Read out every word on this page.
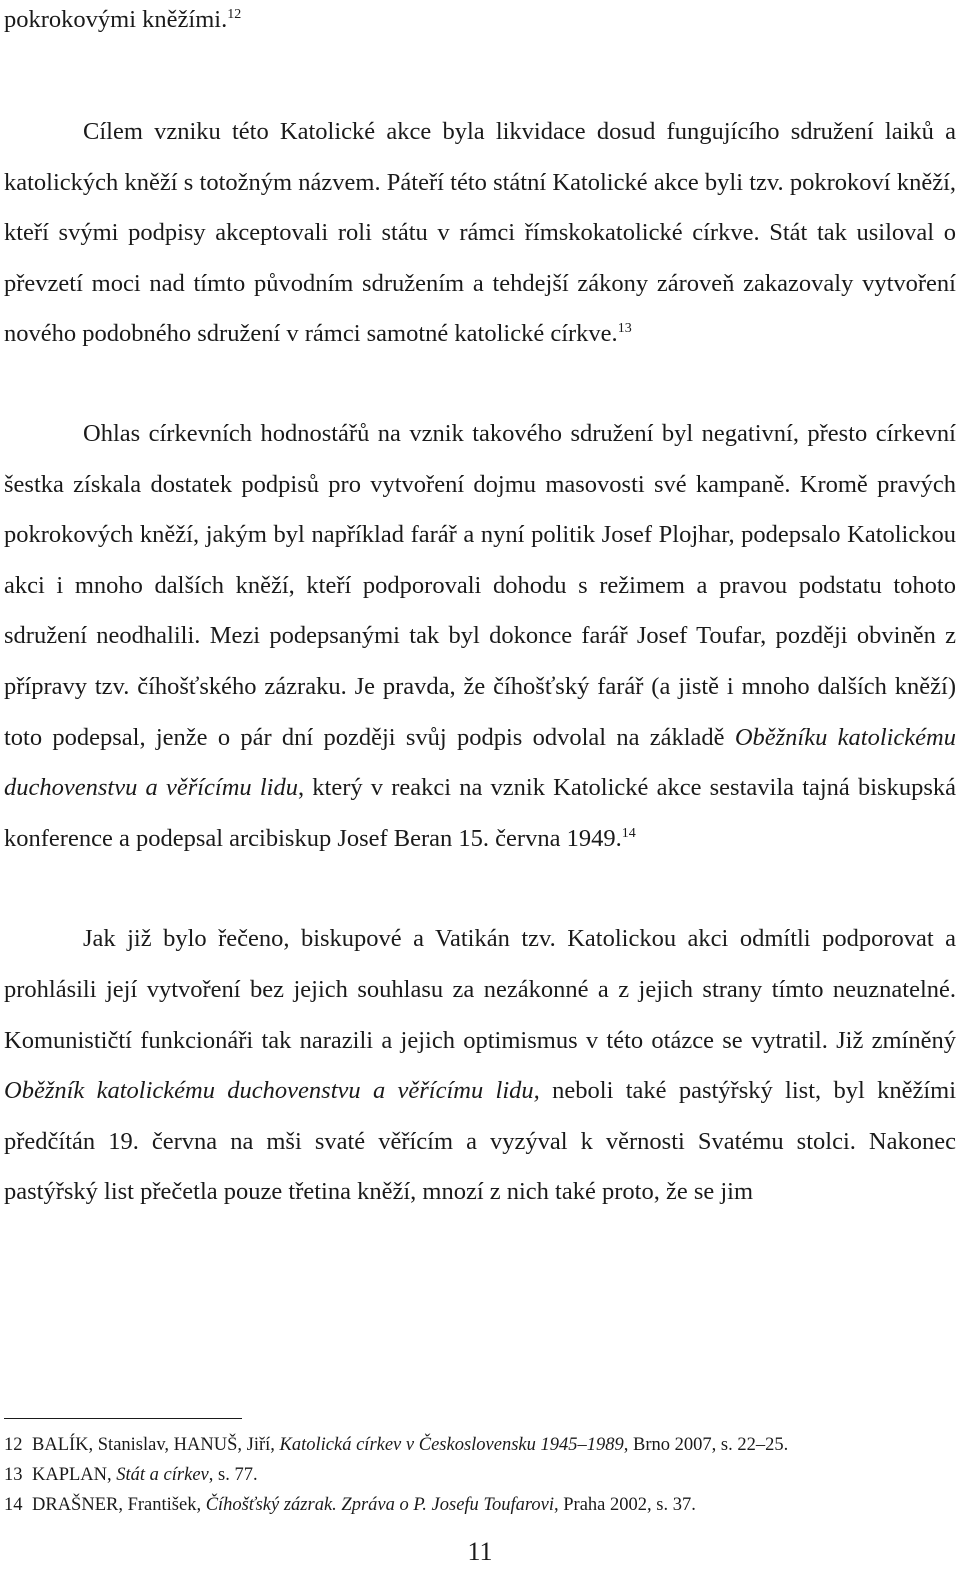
pokrokovými kněžími.$^{12}$

Cílem vzniku této Katolické akce byla likvidace dosud fungujícího sdružení laiků a katolických kněží s totožným názvem. Páteří této státní Katolické akce byli tzv. pokrokoví kněží, kteří svými podpisy akceptovali roli státu v rámci římskokatolické církve. Stát tak usiloval o převzetí moci nad tímto původním sdružením a tehdejší zákony zároveň zakazovaly vytvoření nového podobného sdružení v rámci samotné katolické církve.$^{13}$

Ohlas církevních hodnostářů na vznik takového sdružení byl negativní, přesto církevní šestka získala dostatek podpisů pro vytvoření dojmu masovosti své kampaně. Kromě pravých pokrokových kněží, jakým byl například farář a nyní politik Josef Plojhar, podepsalo Katolickou akci i mnoho dalších kněží, kteří podporovali dohodu s režimem a pravou podstatu tohoto sdružení neodhalili. Mezi podepsanými tak byl dokonce farář Josef Toufar, později obviněn z přípravy tzv. číhošťského zázraku. Je pravda, že číhošťský farář (a jistě i mnoho dalších kněží) toto podepsal, jenže o pár dní později svůj podpis odvolal na základě Oběžníku katolickému duchovenstvu a věřícímu lidu, který v reakci na vznik Katolické akce sestavila tajná biskupská konference a podepsal arcibiskup Josef Beran 15. června 1949.14

Jak již bylo řečeno, biskupové a Vatikán tzv. Katolickou akci odmítli podporovat a prohlásili její vytvoření bez jejich souhlasu za nezákonné a z jejich strany tímto neuznatelné. Komunističtí funkcionáři tak narazili a jejich optimismus v této otázce se vytratil. Již zmíněný Oběžník katolickému duchovenstvu a věřícímu lidu, neboli také pastýřský list, byl kněžími předčítán 19. června na mši svaté věřícím a vyzýval k věrnosti Svatému stolci. Nakonec pastýřský list přečetla pouze třetina kněží, mnozí z nich také proto, že se jim

12 BALÍK, Stanislav, HANUŠ, Jiří, Katolická církev v Československu 1945–1989, Brno 2007, s. 22–25.

13 KAPLAN, Stát a církev, s. 77.

14 DRAŠNER, František, Číhošťský zázrak. Zpráva o P. Josefu Toufarovi, Praha 2002, s. 37.

11
